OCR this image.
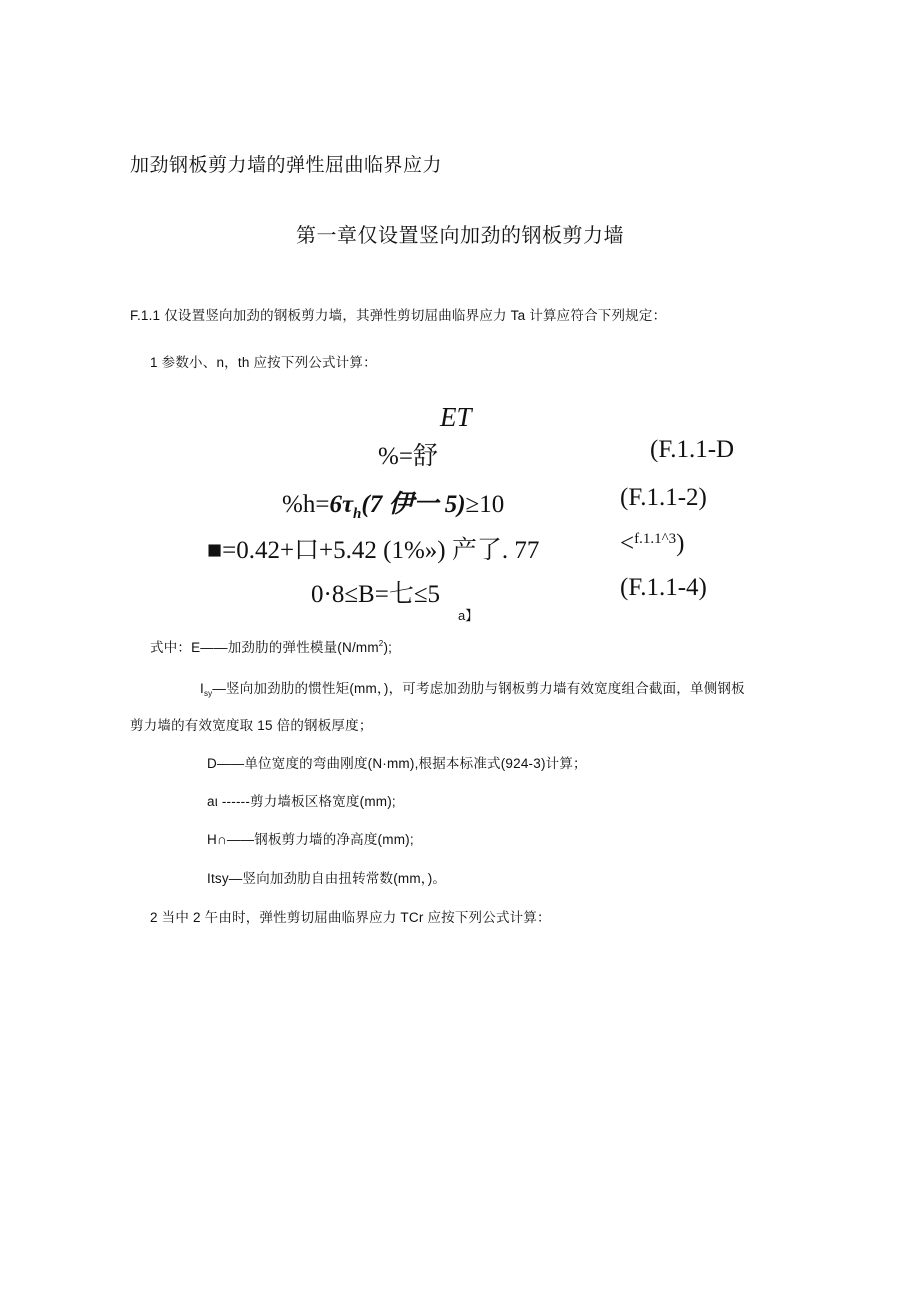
加劲钢板剪力墙的弹性屈曲临界应力
第一章仅设置竖向加劲的钢板剪力墙
F.1.1 仅设置竖向加劲的钢板剪力墙，其弹性剪切屈曲临界应力 Ta 计算应符合下列规定：
1 参数小、n，th 应按下列公式计算：
ET
%=舒	(F.1.1-D
$\%h=6\tau_h(7$ 伊一 5)≥10	(F.1.1-2)
■=0.42+口+5.42 (1%») 产了. 77	<$^{f.1.1\^{}3}$)
0·8≤B=七≤5	(F.1.1-4)
a】
式中：E——加劲肋的弹性模量$(N/mm^2)$;
$I_{sy}—$竖向加劲肋的惯性矩(mm，)，可考虑加劲肋与钢板剪力墙有效宽度组合截面，单侧钢板
剪力墙的有效宽度取 15 倍的钢板厚度；
D——单位宽度的弯曲刚度(N·mm),根据本标准式(924-3)计算；
aι ------剪力墙板区格宽度(mm);
H∩——钢板剪力墙的净高度(mm);
Itsy—竖向加劲肋自由扭转常数(mm，)。
2 当中 2 午由时，弹性剪切屈曲临界应力 TCr 应按下列公式计算：
